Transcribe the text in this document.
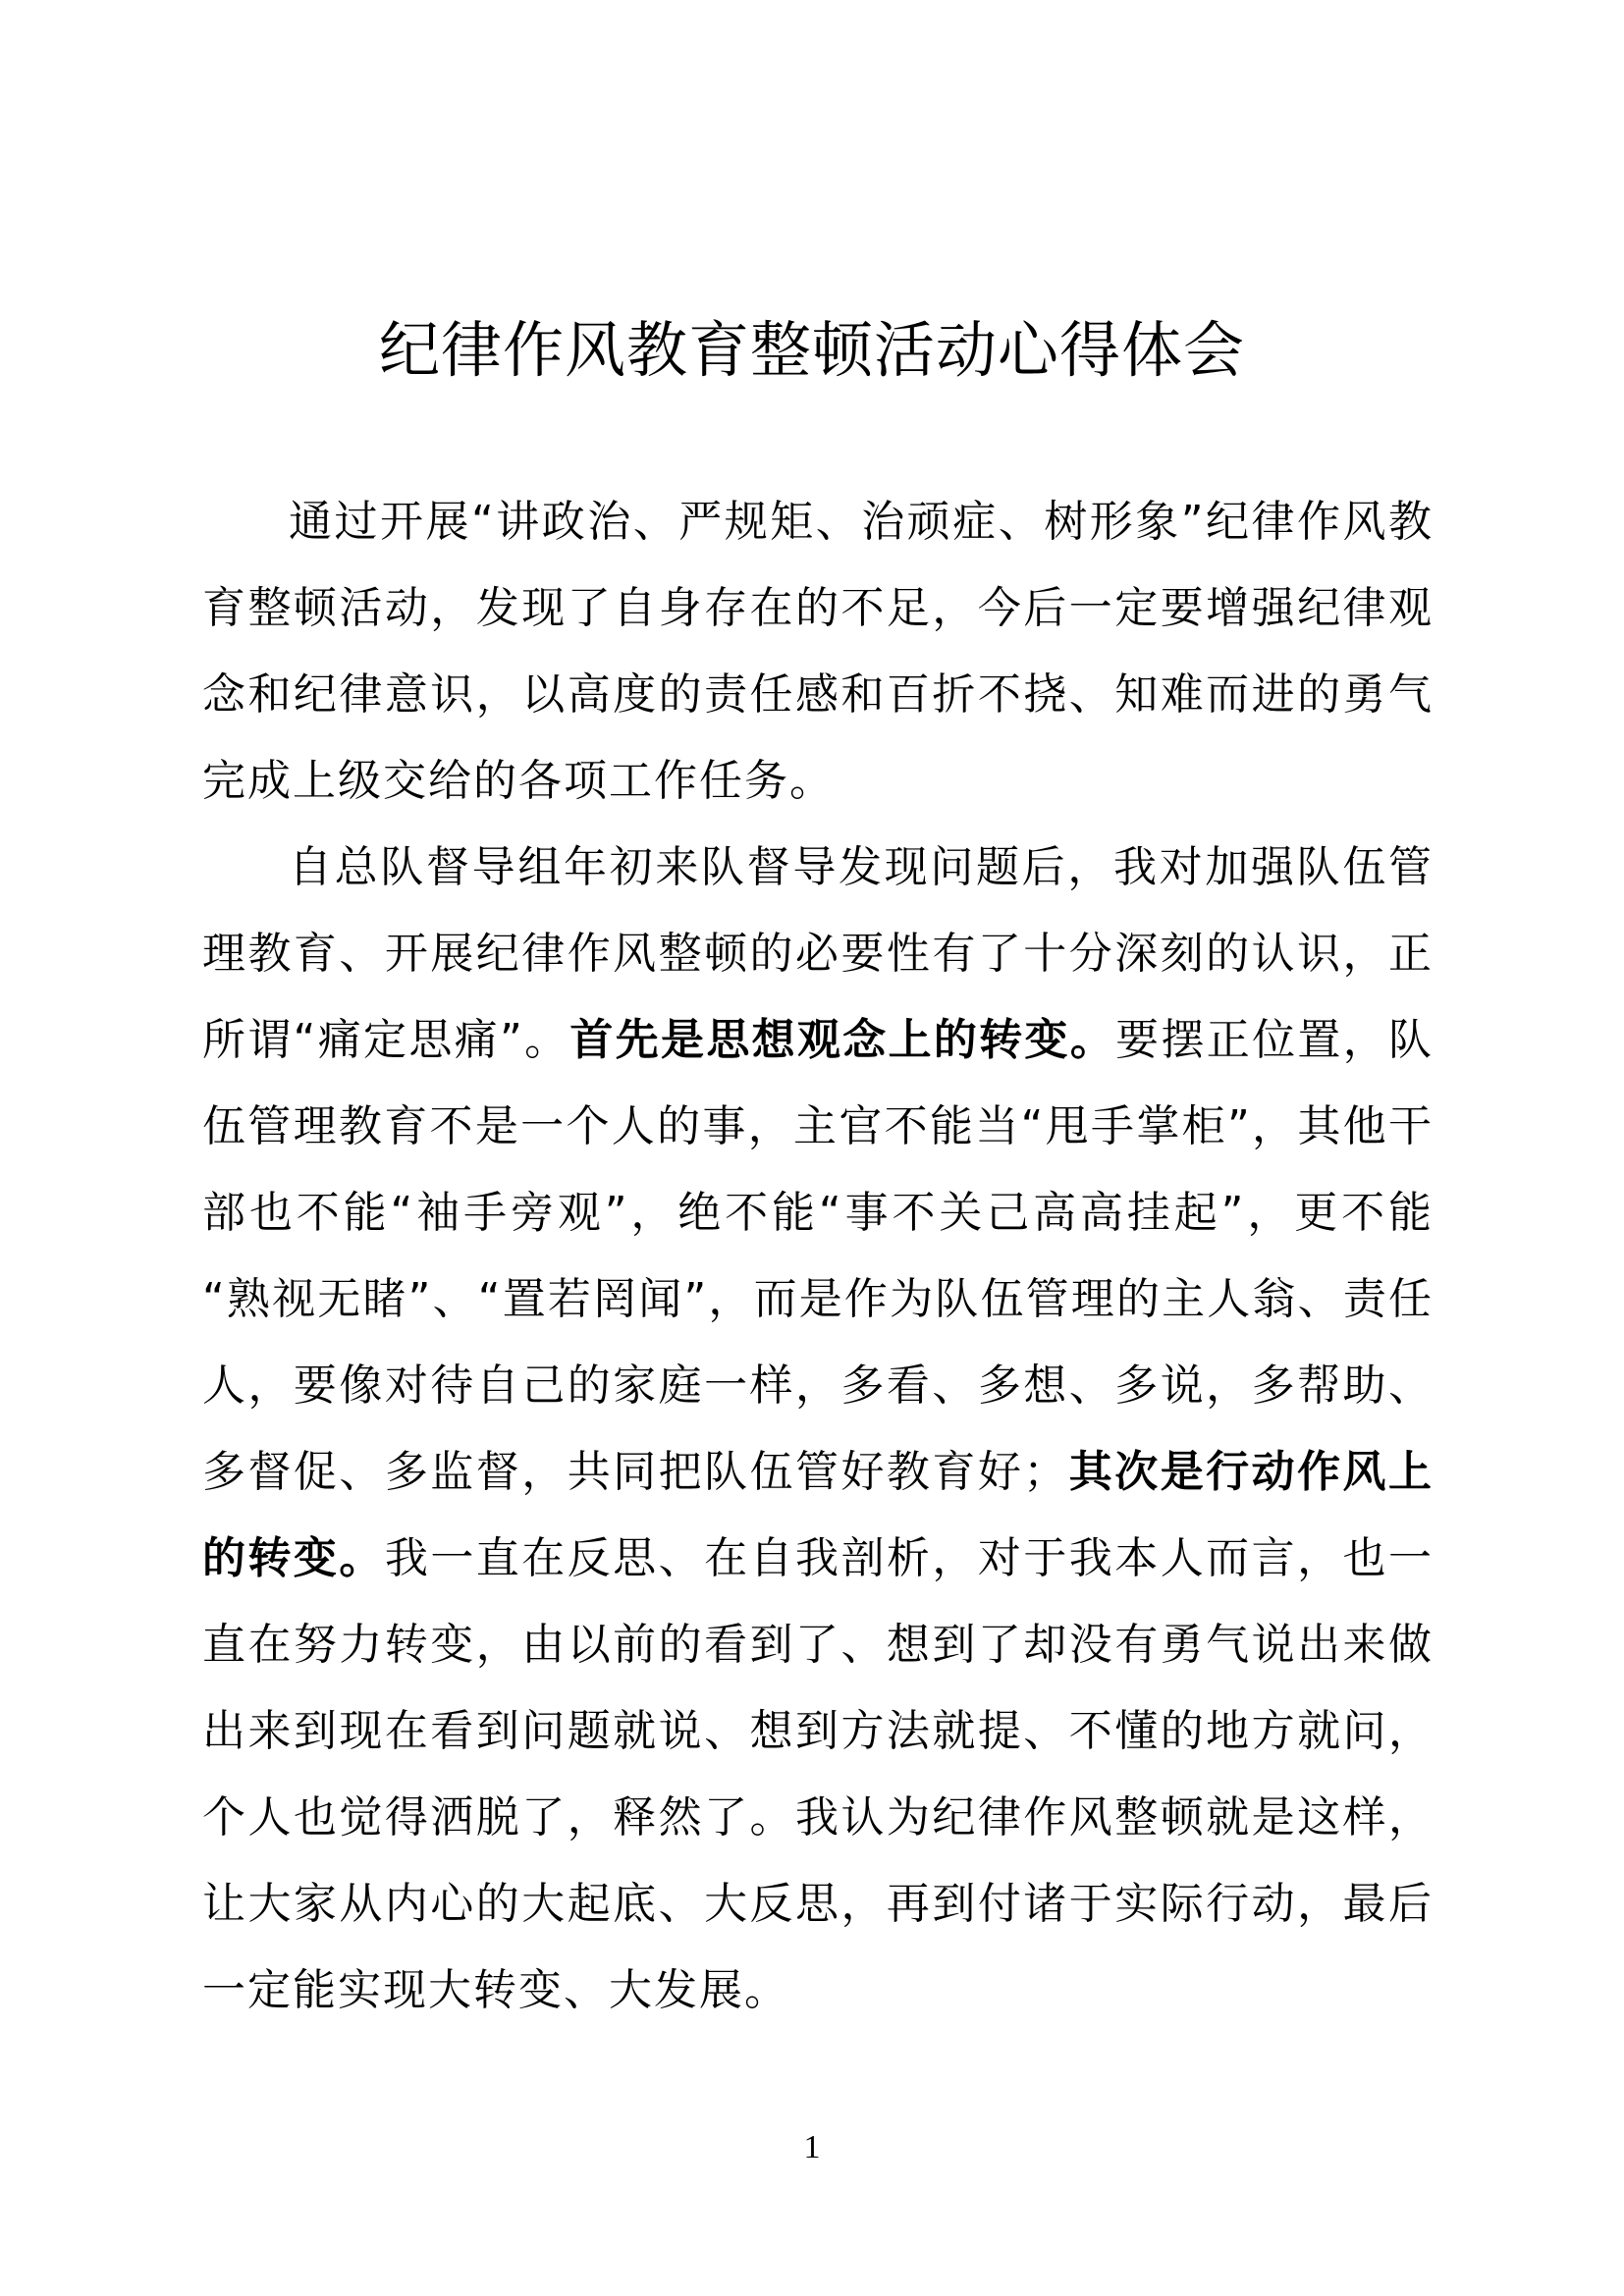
纪律作风教育整顿活动心得体会

通过开展“讲政治、严规矩、治顽症、树形象”纪律作风教育整顿活动，发现了自身存在的不足，今后一定要增强纪律观念和纪律意识，以高度的责任感和百折不挠、知难而进的勇气完成上级交给的各项工作任务。

自总队督导组年初来队督导发现问题后，我对加强队伍管理教育、开展纪律作风整顿的必要性有了十分深刻的认识，正所谓“痛定思痛”。首先是思想观念上的转变。要摆正位置，队伍管理教育不是一个人的事，主官不能当“甩手掌柜”，其他干部也不能“袖手旁观”，绝不能“事不关己高高挂起”，更不能 “熟视无睹”、“置若罔闻”，而是作为队伍管理的主人翁、责任人，要像对待自己的家庭一样，多看、多想、多说，多帮助、多督促、多监督，共同把队伍管好教育好；其次是行动作风上的转变。我一直在反思、在自我剖析，对于我本人而言，也一直在努力转变，由以前的看到了、想到了却没有勇气说出来做出来到现在看到问题就说、想到方法就提、不懂的地方就问，个人也觉得洒脱了，释然了。我认为纪律作风整顿就是这样，让大家从内心的大起底、大反思，再到付诸于实际行动，最后一定能实现大转变、大发展。

1
